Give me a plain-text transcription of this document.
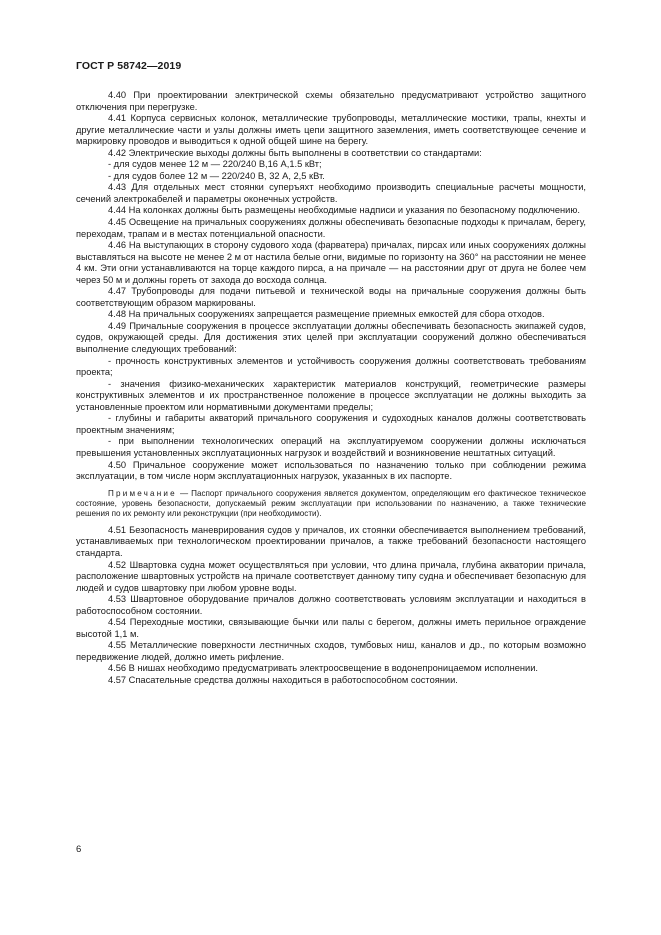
ГОСТ Р 58742—2019

4.40 При проектировании электрической схемы обязательно предусматривают устройство защитного отключения при перегрузке.

4.41 Корпуса сервисных колонок, металлические трубопроводы, металлические мостики, трапы, кнехты и другие металлические части и узлы должны иметь цепи защитного заземления, иметь соответствующее сечение и маркировку проводов и выводиться к одной общей шине на берегу.

4.42 Электрические выходы должны быть выполнены в соответствии со стандартами:

- для судов менее 12 м — 220/240 В,16 А,1.5 кВт;

- для судов более 12 м — 220/240 В, 32 А, 2,5 кВт.

4.43 Для отдельных мест стоянки суперъяхт необходимо производить специальные расчеты мощности, сечений электрокабелей и параметры оконечных устройств.

4.44 На колонках должны быть размещены необходимые надписи и указания по безопасному подключению.

4.45 Освещение на причальных сооружениях должны обеспечивать безопасные подходы к причалам, берегу, переходам, трапам и в местах потенциальной опасности.

4.46 На выступающих в сторону судового хода (фарватера) причалах, пирсах или иных сооружениях должны выставляться на высоте не менее 2 м от настила белые огни, видимые по горизонту на 360° на расстоянии не менее 4 км. Эти огни устанавливаются на торце каждого пирса, а на причале — на расстоянии друг от друга не более чем через 50 м и должны гореть от захода до восхода солнца.

4.47 Трубопроводы для подачи питьевой и технической воды на причальные сооружения должны быть соответствующим образом маркированы.

4.48 На причальных сооружениях запрещается размещение приемных емкостей для сбора отходов.

4.49 Причальные сооружения в процессе эксплуатации должны обеспечивать безопасность экипажей судов, судов, окружающей среды. Для достижения этих целей при эксплуатации сооружений должно обеспечиваться выполнение следующих требований:

- прочность конструктивных элементов и устойчивость сооружения должны соответствовать требованиям проекта;

- значения физико-механических характеристик материалов конструкций, геометрические размеры конструктивных элементов и их пространственное положение в процессе эксплуатации не должны выходить за установленные проектом или нормативными документами пределы;

- глубины и габариты акваторий причального сооружения и судоходных каналов должны соответствовать проектным значениям;

- при выполнении технологических операций на эксплуатируемом сооружении должны исключаться превышения установленных эксплуатационных нагрузок и воздействий и возникновение нештатных ситуаций.

4.50 Причальное сооружение может использоваться по назначению только при соблюдении режима эксплуатации, в том числе норм эксплуатационных нагрузок, указанных в их паспорте.

Примечание — Паспорт причального сооружения является документом, определяющим его фактическое техническое состояние, уровень безопасности, допускаемый режим эксплуатации при использовании по назначению, а также технические решения по их ремонту или реконструкции (при необходимости).

4.51 Безопасность маневрирования судов у причалов, их стоянки обеспечивается выполнением требований, устанавливаемых при технологическом проектировании причалов, а также требований безопасности настоящего стандарта.

4.52 Швартовка судна может осуществляться при условии, что длина причала, глубина акватории причала, расположение швартовных устройств на причале соответствует данному типу судна и обеспечивает безопасную для людей и судов швартовку при любом уровне воды.

4.53 Швартовное оборудование причалов должно соответствовать условиям эксплуатации и находиться в работоспособном состоянии.

4.54 Переходные мостики, связывающие бычки или палы с берегом, должны иметь перильное ограждение высотой 1,1 м.

4.55 Металлические поверхности лестничных сходов, тумбовых ниш, каналов и др., по которым возможно передвижение людей, должно иметь рифление.

4.56 В нишах необходимо предусматривать электроосвещение в водонепроницаемом исполнении.

4.57 Спасательные средства должны находиться в работоспособном состоянии.

6
